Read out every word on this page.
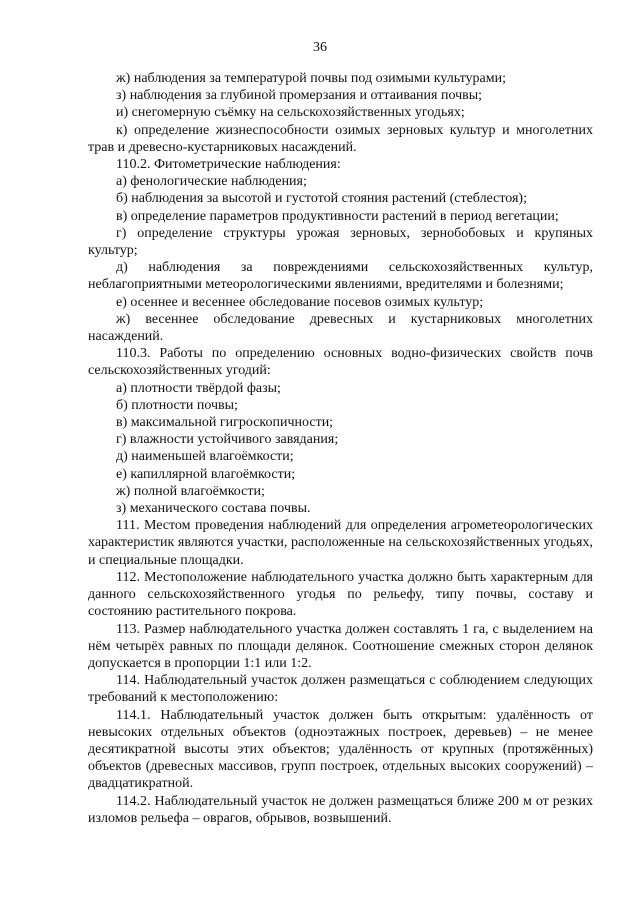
36

ж) наблюдения за температурой почвы под озимыми культурами;

з) наблюдения за глубиной промерзания и оттаивания почвы;

и) снегомерную съёмку на сельскохозяйственных угодьях;

к) определение жизнеспособности озимых зерновых культур и многолетних трав и древесно-кустарниковых насаждений.

110.2. Фитометрические наблюдения:

а) фенологические наблюдения;

б) наблюдения за высотой и густотой стояния растений (стеблестоя);

в) определение параметров продуктивности растений в период вегетации;

г) определение структуры урожая зерновых, зернобобовых и крупяных культур;

д) наблюдения за повреждениями сельскохозяйственных культур, неблагоприятными метеорологическими явлениями, вредителями и болезнями;

е) осеннее и весеннее обследование посевов озимых культур;

ж) весеннее обследование древесных и кустарниковых многолетних насаждений.

110.3. Работы по определению основных водно-физических свойств почв сельскохозяйственных угодий:

а) плотности твёрдой фазы;

б) плотности почвы;

в) максимальной гигроскопичности;

г) влажности устойчивого завядания;

д) наименьшей влагоёмкости;

е) капиллярной влагоёмкости;

ж) полной влагоёмкости;

з) механического состава почвы.

111. Местом проведения наблюдений для определения агрометеорологических характеристик являются участки, расположенные на сельскохозяйственных угодьях, и специальные площадки.

112. Местоположение наблюдательного участка должно быть характерным для данного сельскохозяйственного угодья по рельефу, типу почвы, составу и состоянию растительного покрова.

113. Размер наблюдательного участка должен составлять 1 га, с выделением на нём четырёх равных по площади делянок. Соотношение смежных сторон делянок допускается в пропорции 1:1 или 1:2.

114. Наблюдательный участок должен размещаться с соблюдением следующих требований к местоположению:

114.1. Наблюдательный участок должен быть открытым: удалённость от невысоких отдельных объектов (одноэтажных построек, деревьев) – не менее десятикратной высоты этих объектов; удалённость от крупных (протяжённых) объектов (древесных массивов, групп построек, отдельных высоких сооружений) – двадцатикратной.

114.2. Наблюдательный участок не должен размещаться ближе 200 м от резких изломов рельефа – оврагов, обрывов, возвышений.
